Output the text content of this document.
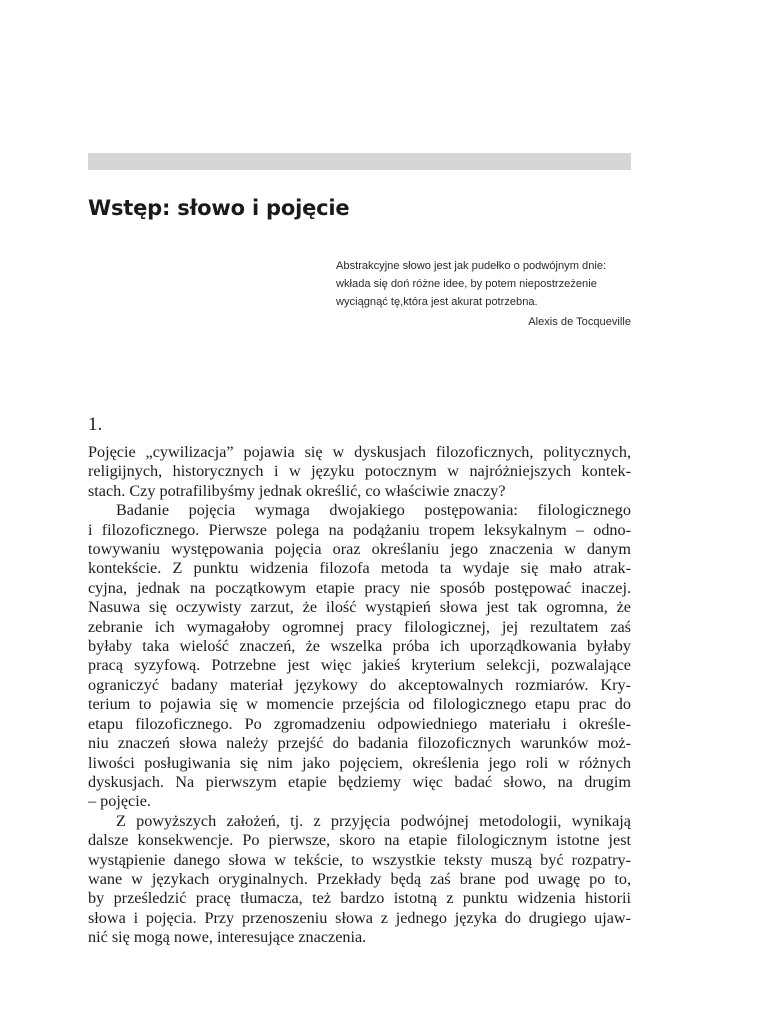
Wstęp: słowo i pojęcie
Abstrakcyjne słowo jest jak pudełko o podwójnym dnie:
wkłada się doń różne idee, by potem niepostrzeżenie
wyciągnąć tę,która jest akurat potrzebna.
Alexis de Tocqueville
1.
Pojęcie „cywilizacja” pojawia się w dyskusjach filozoficznych, politycznych,
religijnych, historycznych i w języku potocznym w najróżniejszych kontek-
stach. Czy potrafilibyśmy jednak określić, co właściwie znaczy?
Badanie pojęcia wymaga dwojakiego postępowania: filologicznego
i filozoficznego. Pierwsze polega na podążaniu tropem leksykalnym – odno-
towywaniu występowania pojęcia oraz określaniu jego znaczenia w danym
kontekście. Z punktu widzenia filozofa metoda ta wydaje się mało atrak-
cyjna, jednak na początkowym etapie pracy nie sposób postępować inaczej.
Nasuwa się oczywisty zarzut, że ilość wystąpień słowa jest tak ogromna, że
zebranie ich wymagałoby ogromnej pracy filologicznej, jej rezultatem zaś
byłaby taka wielość znaczeń, że wszelka próba ich uporządkowania byłaby
pracą syzyfową. Potrzebne jest więc jakieś kryterium selekcji, pozwalające
ograniczyć badany materiał językowy do akceptowalnych rozmiarów. Kry-
terium to pojawia się w momencie przejścia od filologicznego etapu prac do
etapu filozoficznego. Po zgromadzeniu odpowiedniego materiału i określe-
niu znaczeń słowa należy przejść do badania filozoficznych warunków moż-
liwości posługiwania się nim jako pojęciem, określenia jego roli w różnych
dyskusjach. Na pierwszym etapie będziemy więc badać słowo, na drugim
– pojęcie.
Z powyższych założeń, tj. z przyjęcia podwójnej metodologii, wynikają
dalsze konsekwencje. Po pierwsze, skoro na etapie filologicznym istotne jest
wystąpienie danego słowa w tekście, to wszystkie teksty muszą być rozpatry-
wane w językach oryginalnych. Przekłady będą zaś brane pod uwagę po to,
by prześledzić pracę tłumacza, też bardzo istotną z punktu widzenia historii
słowa i pojęcia. Przy przenoszeniu słowa z jednego języka do drugiego ujaw-
nić się mogą nowe, interesujące znaczenia.
